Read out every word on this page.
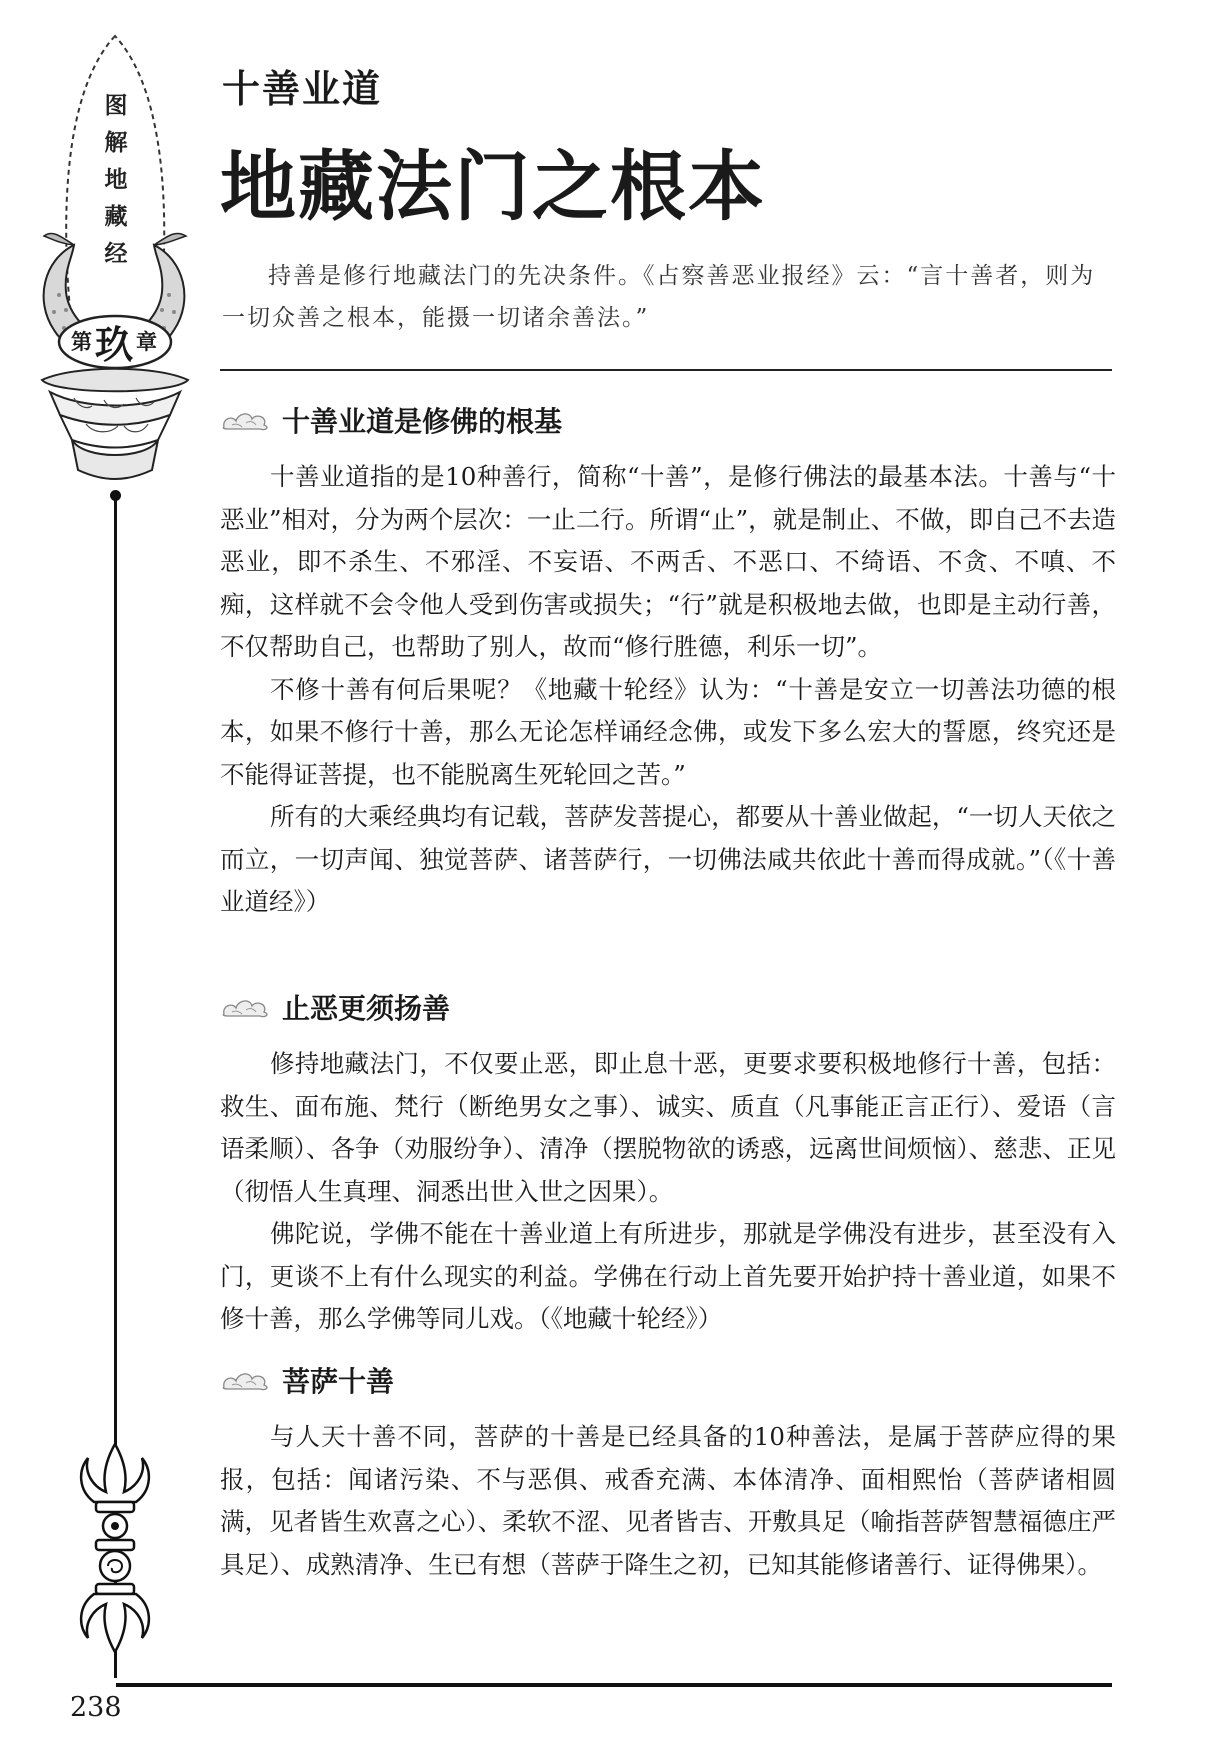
图
解
地
藏
经
第 玖 章
十善业道
地藏法门之根本

持善是修行地藏法门的先决条件。《占察善恶业报经》云：“言十善者，则为一切众善之根本，能摄一切诸余善法。”

十善业道是修佛的根基

十善业道指的是10种善行，简称“十善”，是修行佛法的最基本法。十善与“十恶业”相对，分为两个层次：一止二行。所谓“止”，就是制止、不做，即自己不去造恶业，即不杀生、不邪淫、不妄语、不两舌、不恶口、不绮语、不贪、不嗔、不痴，这样就不会令他人受到伤害或损失；“行”就是积极地去做，也即是主动行善，不仅帮助自己，也帮助了别人，故而“修行胜德，利乐一切”。

不修十善有何后果呢？《地藏十轮经》认为：“十善是安立一切善法功德的根本，如果不修行十善，那么无论怎样诵经念佛，或发下多么宏大的誓愿，终究还是不能得证菩提，也不能脱离生死轮回之苦。”

所有的大乘经典均有记载，菩萨发菩提心，都要从十善业做起，“一切人天依之而立，一切声闻、独觉菩萨、诸菩萨行，一切佛法咸共依此十善而得成就。”（《十善业道经》）

止恶更须扬善

修持地藏法门，不仅要止恶，即止息十恶，更要求要积极地修行十善，包括：救生、面布施、梵行（断绝男女之事）、诚实、质直（凡事能正言正行）、爱语（言语柔顺）、各争（劝服纷争）、清净（摆脱物欲的诱惑，远离世间烦恼）、慈悲、正见（彻悟人生真理、洞悉出世入世之因果）。

佛陀说，学佛不能在十善业道上有所进步，那就是学佛没有进步，甚至没有入门，更谈不上有什么现实的利益。学佛在行动上首先要开始护持十善业道，如果不修十善，那么学佛等同儿戏。（《地藏十轮经》）

菩萨十善

与人天十善不同，菩萨的十善是已经具备的10种善法，是属于菩萨应得的果报，包括：闻诸污染、不与恶俱、戒香充满、本体清净、面相熙怡（菩萨诸相圆满，见者皆生欢喜之心）、柔软不涩、见者皆吉、开敷具足（喻指菩萨智慧福德庄严具足）、成熟清净、生已有想（菩萨于降生之初，已知其能修诸善行、证得佛果）。

238
